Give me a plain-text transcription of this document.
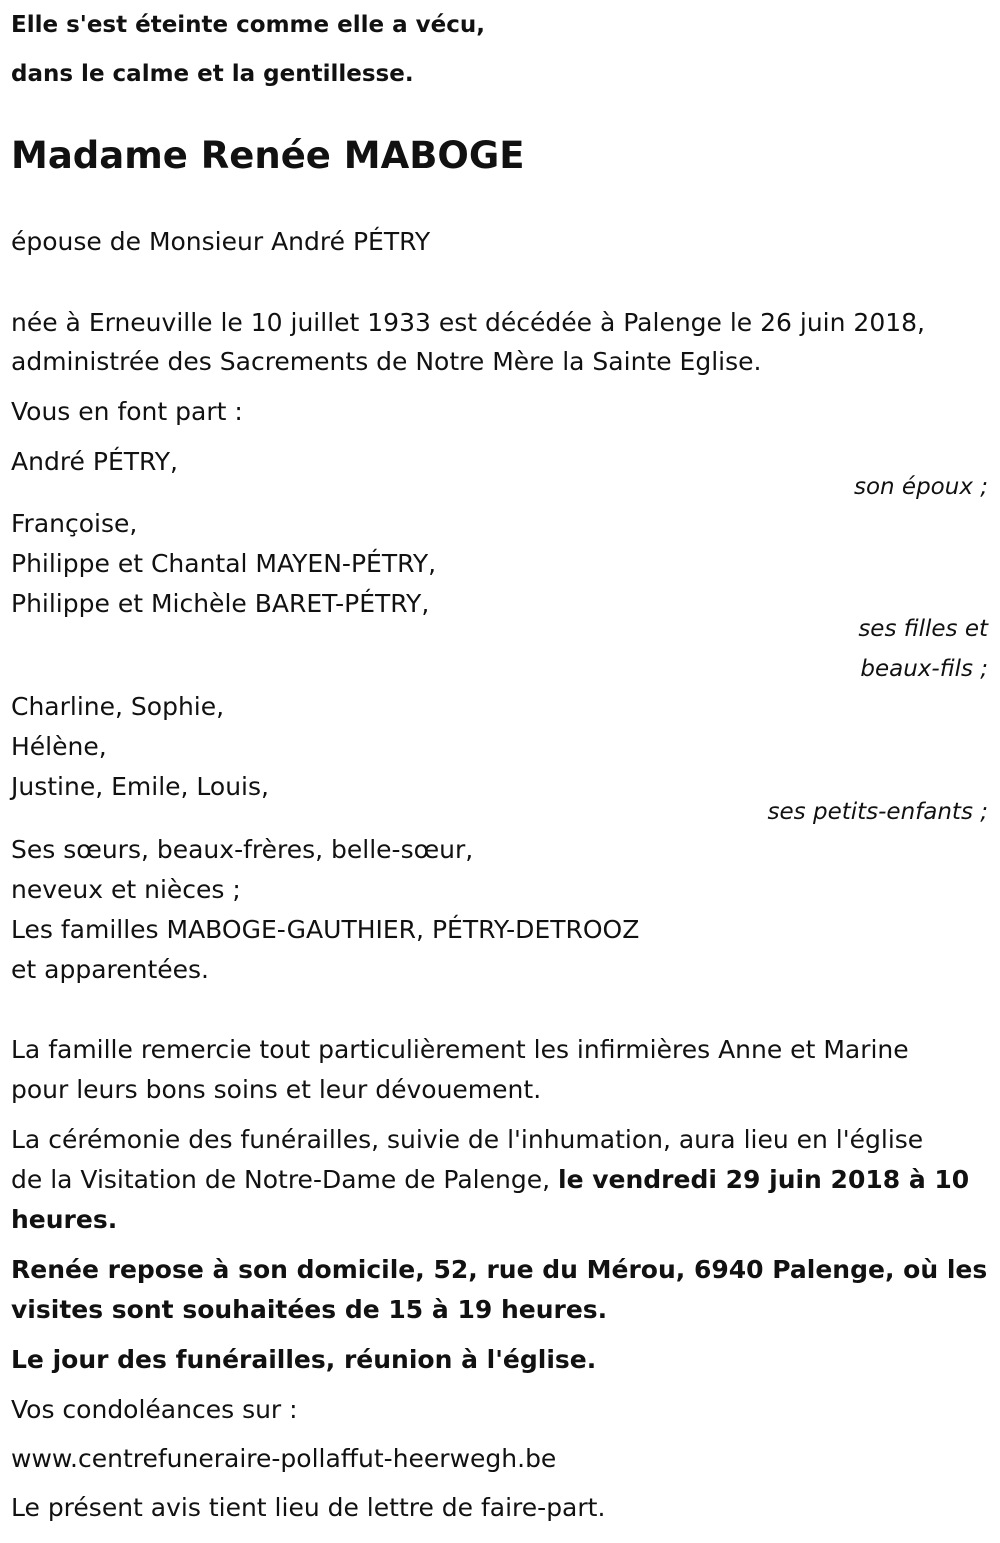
Elle s'est éteinte comme elle a vécu,

dans le calme et la gentillesse.

Madame Renée MABOGE

épouse de Monsieur André PÉTRY

née à Erneuville le 10 juillet 1933 est décédée à Palenge le 26 juin 2018,

administrée des Sacrements de Notre Mère la Sainte Eglise.

Vous en font part :

André PÉTRY,

son époux ;

Françoise,

Philippe et Chantal MAYEN-PÉTRY,

Philippe et Michèle BARET-PÉTRY,

ses filles et

beaux-fils ;

Charline, Sophie,

Hélène,

Justine, Emile, Louis,

ses petits-enfants ;

Ses sœurs, beaux-frères, belle-sœur,

neveux et nièces ;

Les familles MABOGE-GAUTHIER, PÉTRY-DETROOZ

et apparentées.

La famille remercie tout particulièrement les infirmières Anne et Marine

pour leurs bons soins et leur dévouement.

La cérémonie des funérailles, suivie de l'inhumation, aura lieu en l'église

de la Visitation de Notre-Dame de Palenge, le vendredi 29 juin 2018 à 10

heures.

Renée repose à son domicile, 52, rue du Mérou, 6940 Palenge, où les

visites sont souhaitées de 15 à 19 heures.

Le jour des funérailles, réunion à l'église.

Vos condoléances sur :

www.centrefuneraire-pollaffut-heerwegh.be

Le présent avis tient lieu de lettre de faire-part.
